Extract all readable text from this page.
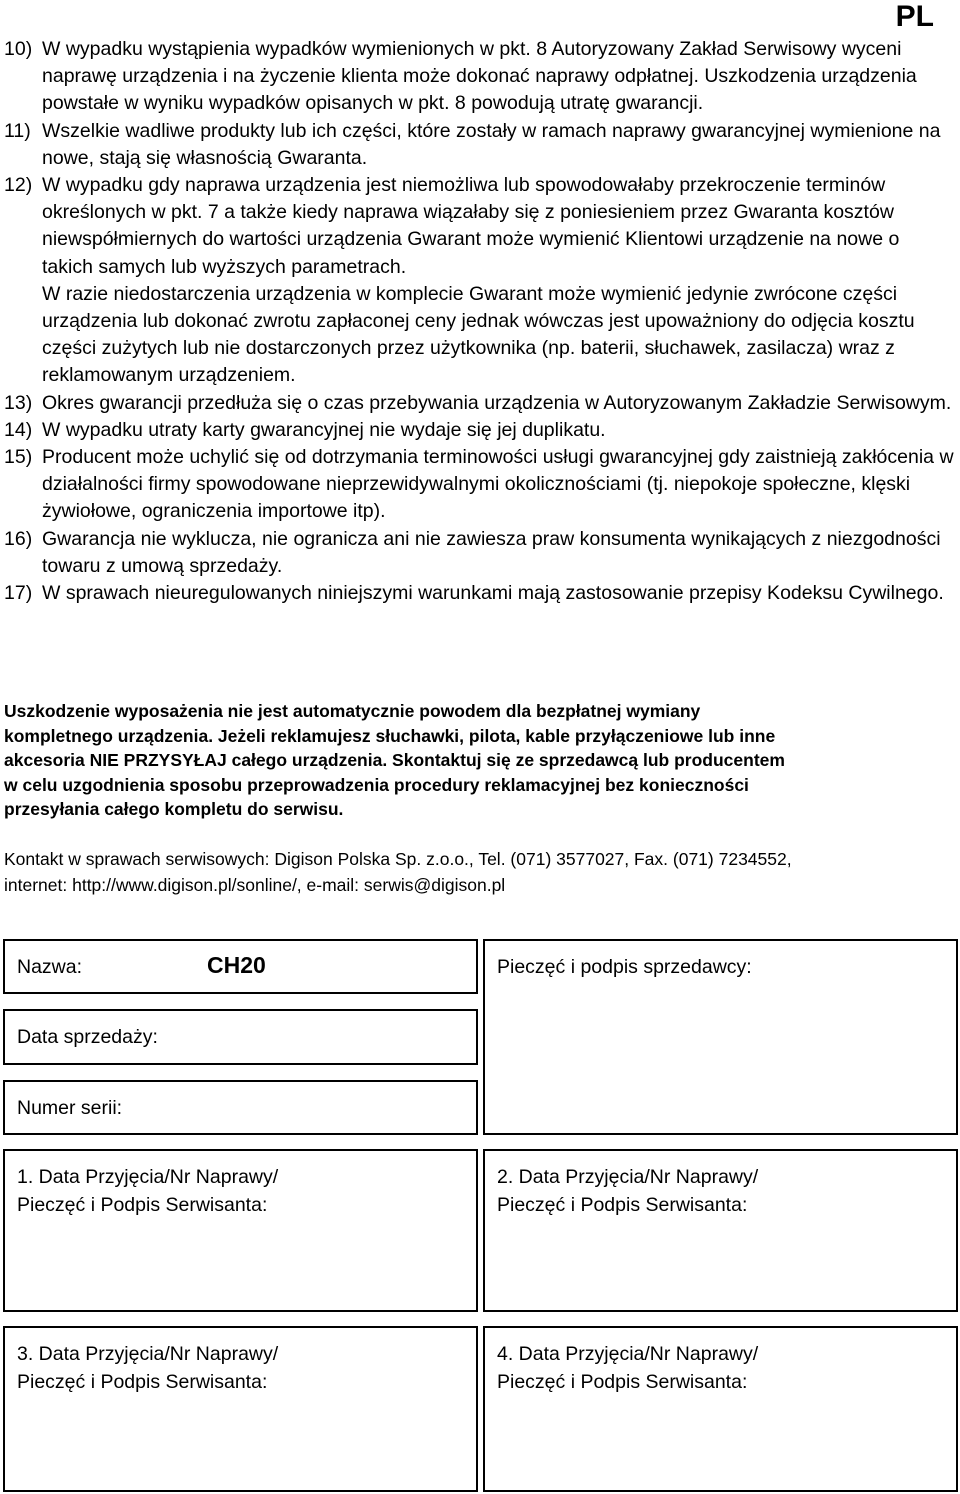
PL
10) W wypadku wystąpienia wypadków wymienionych w pkt. 8 Autoryzowany Zakład Serwisowy wyceni naprawę urządzenia i na życzenie klienta może dokonać naprawy odpłatnej. Uszkodzenia urządzenia powstałe w wyniku wypadków opisanych w pkt. 8 powodują utratę gwarancji.
11) Wszelkie wadliwe produkty lub ich części, które zostały w ramach naprawy gwarancyjnej wymienione na nowe, stają się własnością Gwaranta.
12) W wypadku gdy naprawa urządzenia jest niemożliwa lub spowodowałaby przekroczenie terminów określonych w pkt. 7 a także kiedy naprawa wiązałaby się z poniesieniem przez Gwaranta kosztów niewspółmiernych do wartości urządzenia Gwarant może wymienić Klientowi urządzenie na nowe o takich samych lub wyższych parametrach.
W razie niedostarczenia urządzenia w komplecie Gwarant może wymienić jedynie zwrócone części urządzenia lub dokonać zwrotu zapłaconej ceny jednak wówczas jest upoważniony do odjęcia kosztu części zużytych lub nie dostarczonych przez użytkownika (np. baterii, słuchawek, zasilacza) wraz z reklamowanym urządzeniem.
13) Okres gwarancji przedłuża się o czas przebywania urządzenia w Autoryzowanym Zakładzie Serwisowym.
14) W wypadku utraty karty gwarancyjnej nie wydaje się jej duplikatu.
15) Producent może uchylić się od dotrzymania terminowości usługi gwarancyjnej gdy zaistnieją zakłócenia w działalności firmy spowodowane nieprzewidywalnymi okolicznościami (tj. niepokoje społeczne, klęski żywiołowe, ograniczenia importowe itp).
16) Gwarancja nie wyklucza, nie ogranicza ani nie zawiesza praw konsumenta wynikających z niezgodności towaru z umową sprzedaży.
17) W sprawach nieuregulowanych niniejszymi warunkami mają zastosowanie przepisy Kodeksu Cywilnego.
Uszkodzenie wyposażenia nie jest automatycznie powodem dla bezpłatnej wymiany
kompletnego urządzenia. Jeżeli reklamujesz słuchawki, pilota, kable przyłączeniowe lub inne
akcesoria NIE PRZYSYŁAJ całego urządzenia. Skontaktuj się ze sprzedawcą lub producentem
w celu uzgodnienia sposobu przeprowadzenia procedury reklamacyjnej bez konieczności
przesyłania całego kompletu do serwisu.
Kontakt w sprawach serwisowych: Digison Polska Sp. z.o.o., Tel. (071) 3577027, Fax. (071) 7234552,
internet: http://www.digison.pl/sonline/, e-mail: serwis@digison.pl
Nazwa:	CH20
Data sprzedaży:
Numer serii:
Pieczęć i podpis sprzedawcy:
1. Data Przyjęcia/Nr Naprawy/
Pieczęć i Podpis Serwisanta:
2. Data Przyjęcia/Nr Naprawy/
Pieczęć i Podpis Serwisanta:
3. Data Przyjęcia/Nr Naprawy/
Pieczęć i Podpis Serwisanta:
4. Data Przyjęcia/Nr Naprawy/
Pieczęć i Podpis Serwisanta:
